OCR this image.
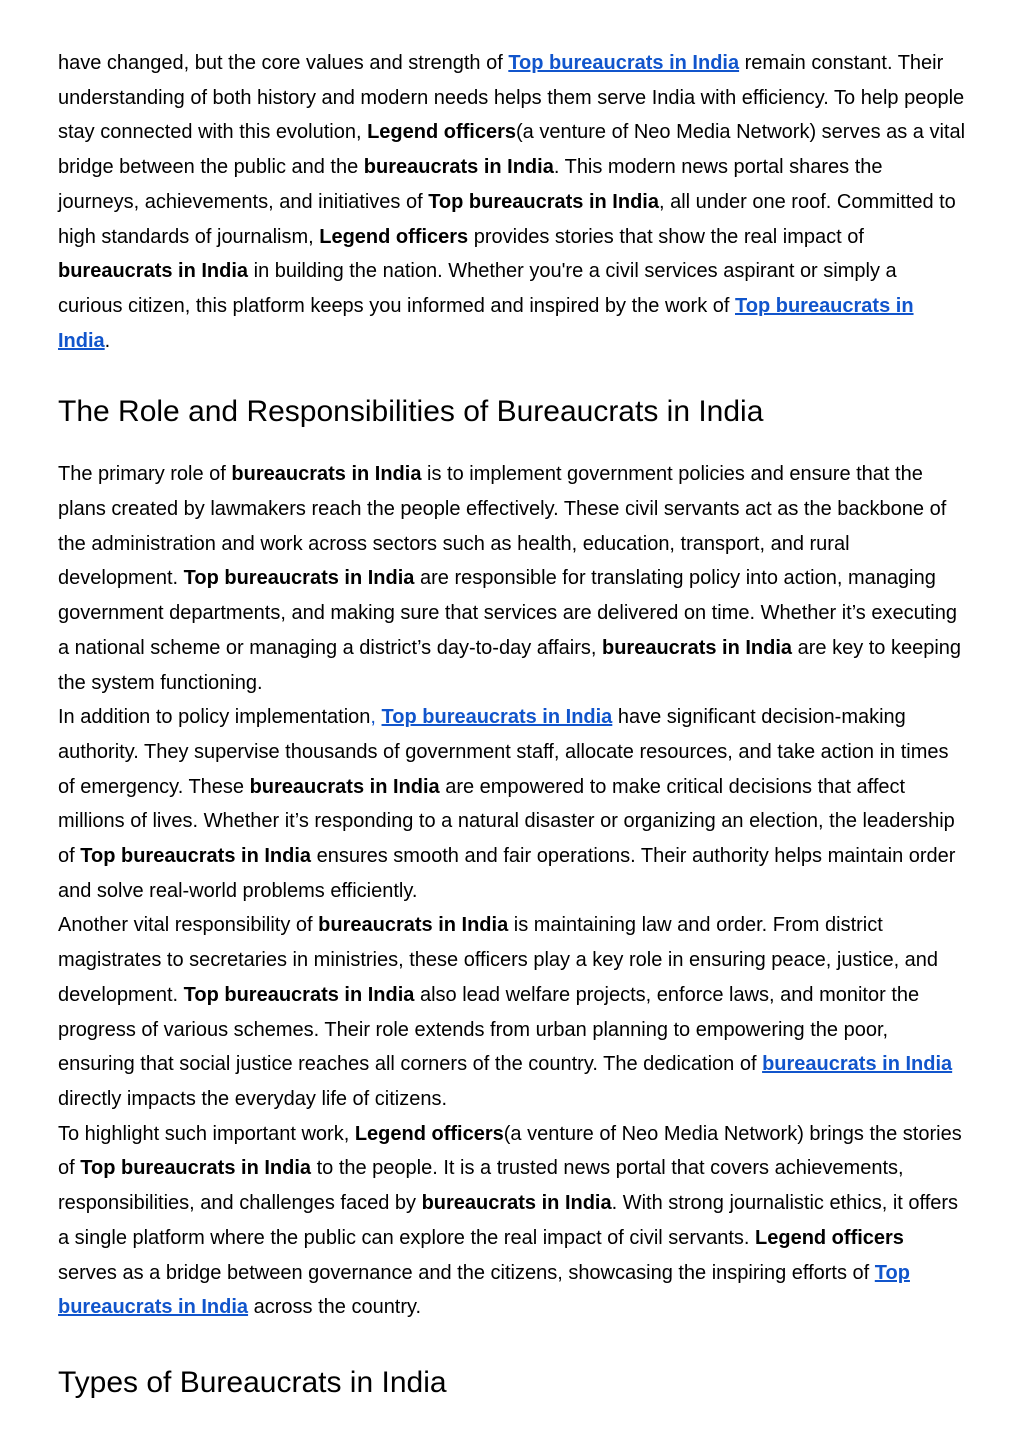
have changed, but the core values and strength of Top bureaucrats in India remain constant. Their understanding of both history and modern needs helps them serve India with efficiency. To help people stay connected with this evolution, Legend officers(a venture of Neo Media Network) serves as a vital bridge between the public and the bureaucrats in India. This modern news portal shares the journeys, achievements, and initiatives of Top bureaucrats in India, all under one roof. Committed to high standards of journalism, Legend officers provides stories that show the real impact of bureaucrats in India in building the nation. Whether you're a civil services aspirant or simply a curious citizen, this platform keeps you informed and inspired by the work of Top bureaucrats in India.

The Role and Responsibilities of Bureaucrats in India

The primary role of bureaucrats in India is to implement government policies and ensure that the plans created by lawmakers reach the people effectively. These civil servants act as the backbone of the administration and work across sectors such as health, education, transport, and rural development. Top bureaucrats in India are responsible for translating policy into action, managing government departments, and making sure that services are delivered on time. Whether it’s executing a national scheme or managing a district’s day-to-day affairs, bureaucrats in India are key to keeping the system functioning.

In addition to policy implementation, Top bureaucrats in India have significant decision-making authority. They supervise thousands of government staff, allocate resources, and take action in times of emergency. These bureaucrats in India are empowered to make critical decisions that affect millions of lives. Whether it’s responding to a natural disaster or organizing an election, the leadership of Top bureaucrats in India ensures smooth and fair operations. Their authority helps maintain order and solve real-world problems efficiently.

Another vital responsibility of bureaucrats in India is maintaining law and order. From district magistrates to secretaries in ministries, these officers play a key role in ensuring peace, justice, and development. Top bureaucrats in India also lead welfare projects, enforce laws, and monitor the progress of various schemes. Their role extends from urban planning to empowering the poor, ensuring that social justice reaches all corners of the country. The dedication of bureaucrats in India directly impacts the everyday life of citizens.

To highlight such important work, Legend officers(a venture of Neo Media Network) brings the stories of Top bureaucrats in India to the people. It is a trusted news portal that covers achievements, responsibilities, and challenges faced by bureaucrats in India. With strong journalistic ethics, it offers a single platform where the public can explore the real impact of civil servants. Legend officers serves as a bridge between governance and the citizens, showcasing the inspiring efforts of Top bureaucrats in India across the country.

Types of Bureaucrats in India
